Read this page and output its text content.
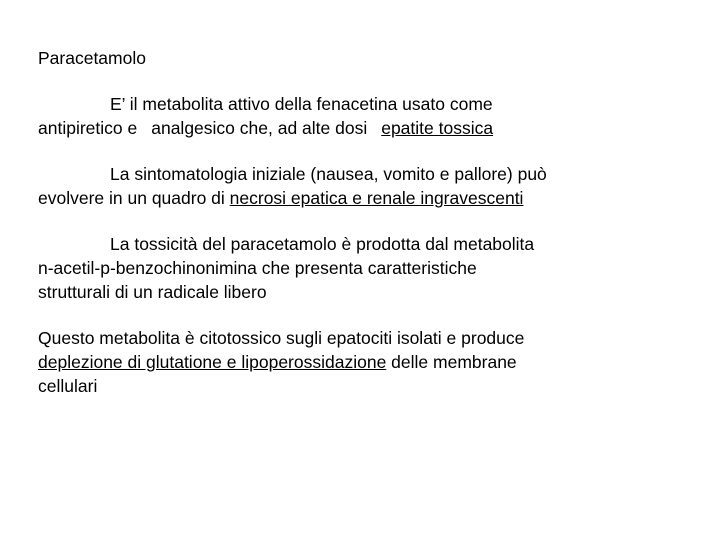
Paracetamolo
E’ il metabolita attivo della fenacetina usato come
antipiretico e analgesico che, ad alte dosi epatite tossica
La sintomatologia iniziale (nausea, vomito e pallore) può
evolvere in un quadro di necrosi epatica e renale ingravescenti
La tossicità del paracetamolo è prodotta dal metabolita
n-acetil-p-benzochinonimina che presenta caratteristiche
strutturali di un radicale libero
Questo metabolita è citotossico sugli epatociti isolati e produce
deplezione di glutatione e lipoperossidazione delle membrane
cellulari
